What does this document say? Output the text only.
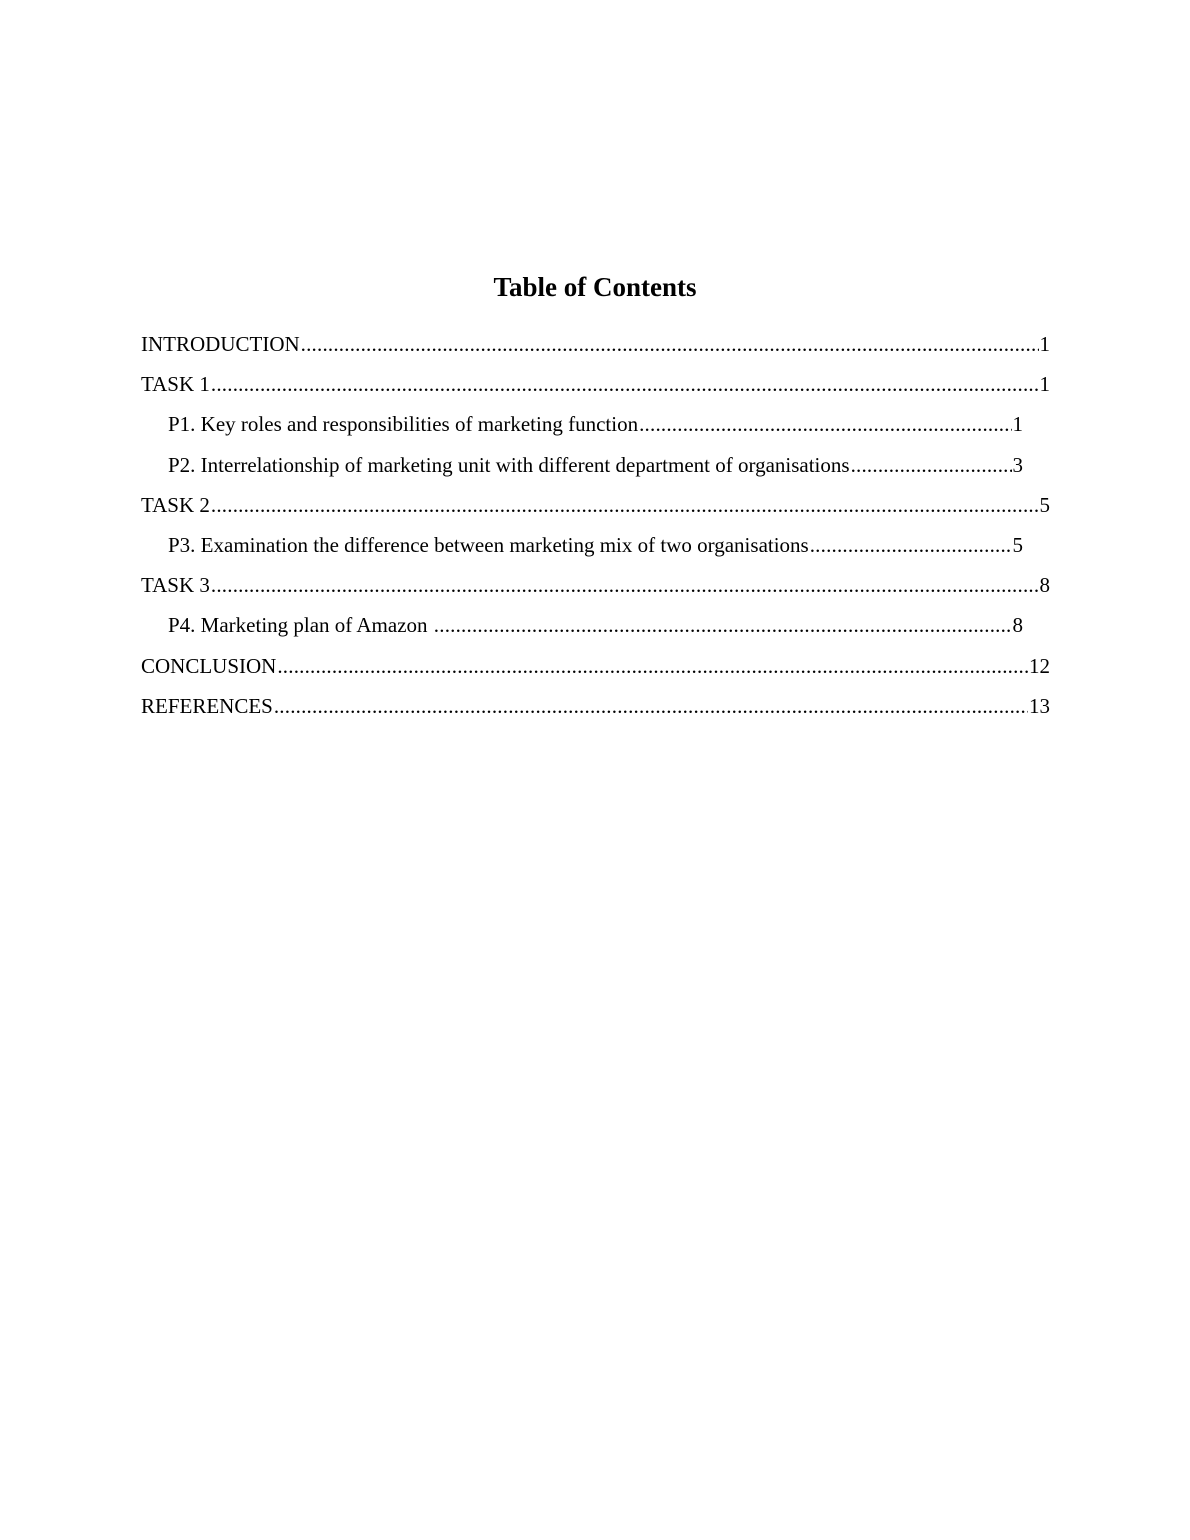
Table of Contents
INTRODUCTION .....	1
TASK 1 .....	1
P1. Key roles and responsibilities of marketing function .....	1
P2. Interrelationship of marketing unit with different department of organisations .....	3
TASK 2 .....	5
P3. Examination the difference between marketing mix of two organisations .....	5
TASK 3 .....	8
P4. Marketing plan of Amazon .....	8
CONCLUSION .....	12
REFERENCES .....	13
